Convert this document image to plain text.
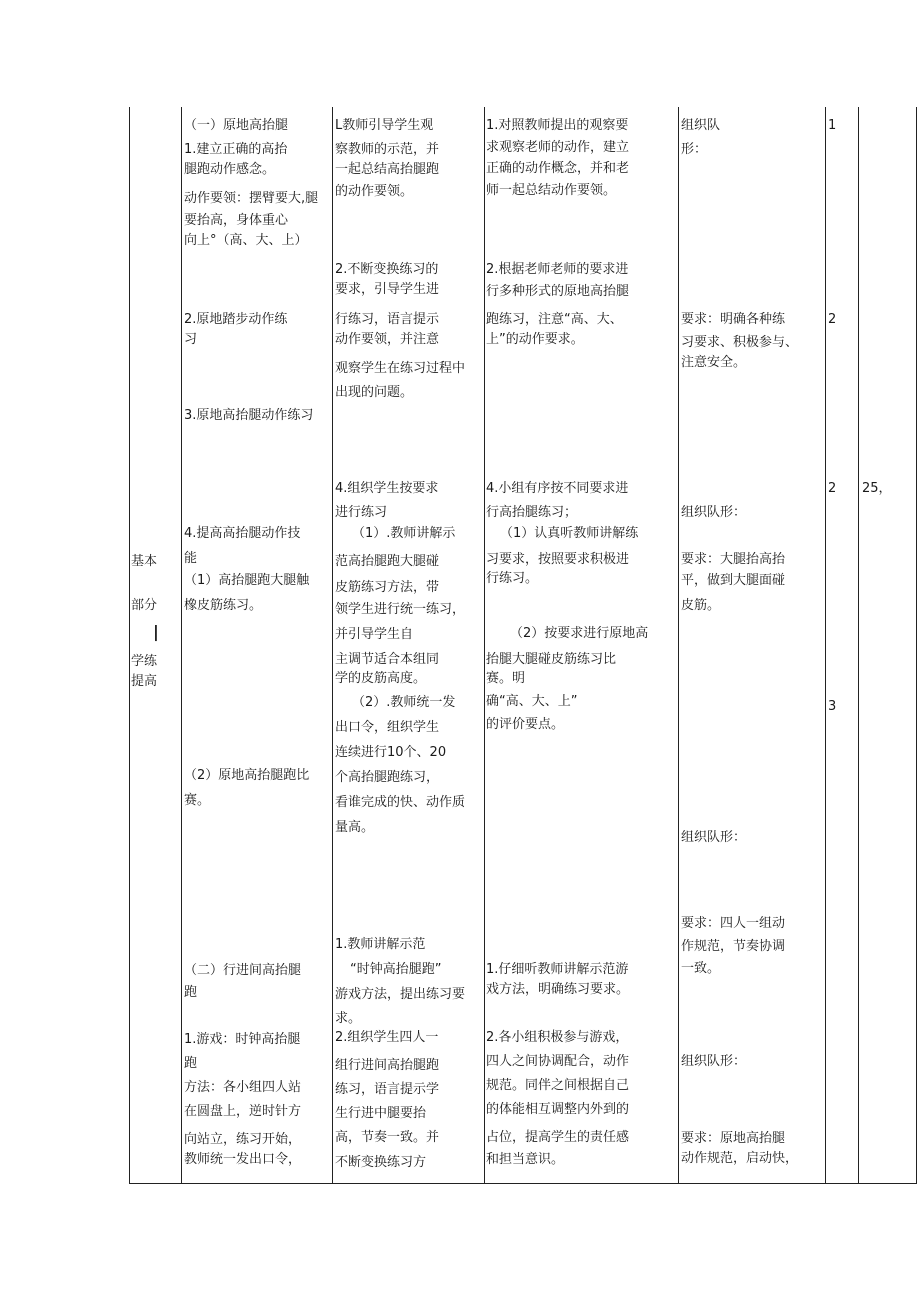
基本
部分
|
学练
提高
（一）原地高抬腿
1.建立正确的高抬
腿跑动作感念。
动作要领：摆臂要大,腿
要抬高，身体重心
向上°（高、大、上）
2.原地踏步动作练
习
3.原地高抬腿动作练习
4.提高高抬腿动作技
能
（1）高抬腿跑大腿触
橡皮筋练习。
（2）原地高抬腿跑比
赛。
（二）行进间高抬腿
跑
1.游戏：时钟高抬腿
跑
方法：各小组四人站
在圆盘上，逆时针方
向站立，练习开始，
教师统一发出口令，
L教师引导学生观
察教师的示范，并
一起总结高抬腿跑
的动作要领。
2.不断变换练习的
要求，引导学生进
行练习，语言提示
动作要领，并注意
观察学生在练习过程中
出现的问题。
4.组织学生按要求
进行练习
（1）.教师讲解示
范高抬腿跑大腿碰
皮筋练习方法，带
领学生进行统一练习，
并引导学生自
主调节适合本组同
学的皮筋高度。
（2）.教师统一发
出口令，组织学生
连续进行10个、20
个高抬腿跑练习，
看谁完成的快、动作质
量高。
1.教师讲解示范
“时钟高抬腿跑”
游戏方法，提出练习要
求。
2.组织学生四人一
组行进间高抬腿跑
练习，语言提示学
生行进中腿要抬
高，节奏一致。并
不断变换练习方
1.对照教师提出的观察要
求观察老师的动作，建立
正确的动作概念，并和老
师一起总结动作要领。
2.根据老师老师的要求进
行多种形式的原地高抬腿
跑练习，注意“高、大、
上”的动作要求。
4.小组有序按不同要求进
行高抬腿练习；
（1）认真听教师讲解练
习要求，按照要求积极进
行练习。
（2）按要求进行原地高
抬腿大腿碰皮筋练习比
赛。明
确“高、大、上”
的评价要点。
1.仔细听教师讲解示范游
戏方法，明确练习要求。
2.各小组积极参与游戏，
四人之间协调配合，动作
规范。同伴之间根据自己
的体能相互调整内外到的
占位，提高学生的责任感
和担当意识。
组织队
形：
要求：明确各种练
习要求、积极参与、
注意安全。
组织队形：
要求：大腿抬高抬
平，做到大腿面碰
皮筋。
组织队形：
要求：四人一组动
作规范，节奏协调
一致。
组织队形：
要求：原地高抬腿
动作规范，启动快，
1
2
2
3
25，
